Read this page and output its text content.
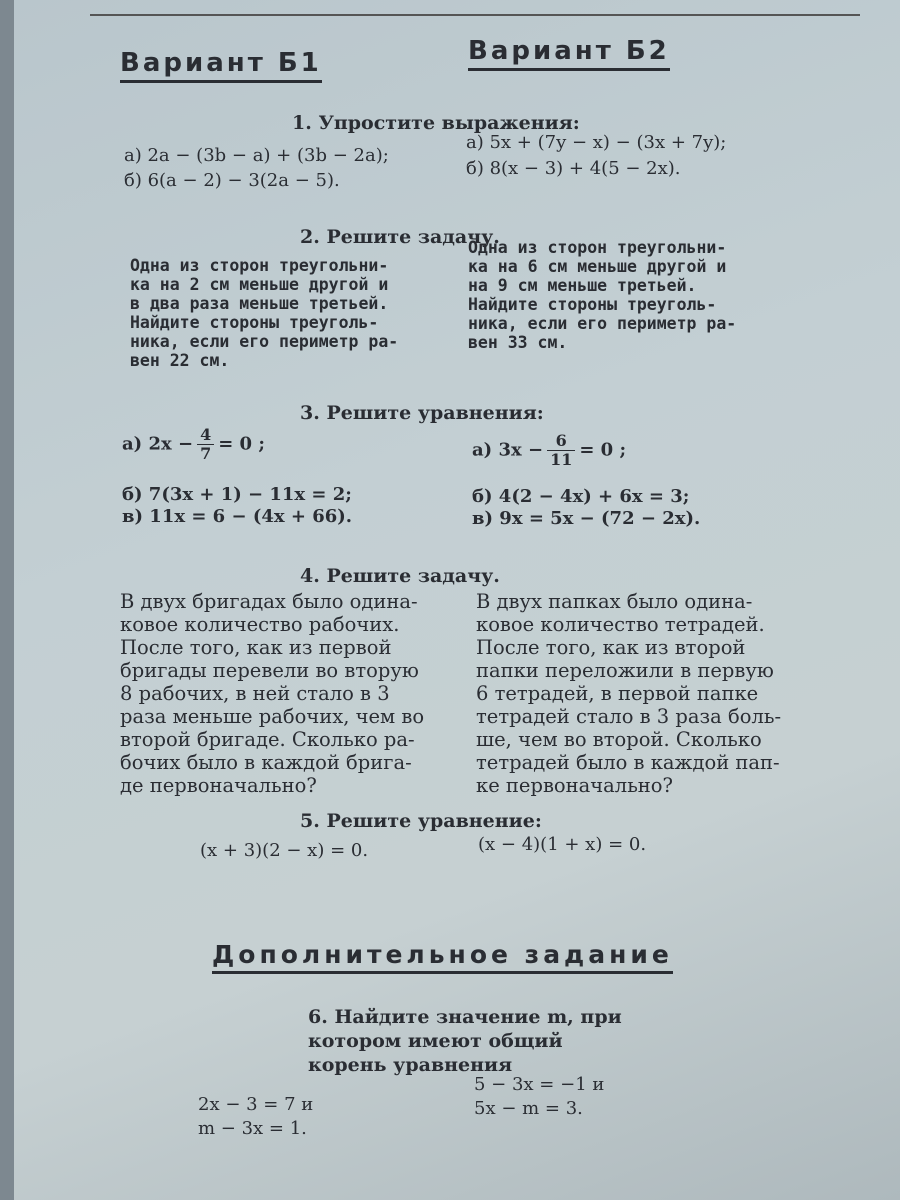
Вариант Б1	Вариант Б2
1. Упростите выражения:
а) 2a − (3b − a) + (3b − 2a);
б) 6(a − 2) − 3(2a − 5).
а) 5x + (7y − x) − (3x + 7y);
б) 8(x − 3) + 4(5 − 2x).
2. Решите задачу.
Одна из сторон треугольни-
ка на 2 см меньше другой и
в два раза меньше третьей.
Найдите стороны треуголь-
ника, если его периметр ра-
вен 22 см.
Одна из сторон треугольни-
ка на 6 см меньше другой и
на 9 см меньше третьей.
Найдите стороны треуголь-
ника, если его периметр ра-
вен 33 см.
3. Решите уравнения:
а) $2x - \frac{4}{7} = 0$ ;
б) 7(3x + 1) − 11x = 2;
в) 11x = 6 − (4x + 66).
а) $3x - \frac{6}{11} = 0$ ;
б) 4(2 − 4x) + 6x = 3;
в) 9x = 5x − (72 − 2x).
4. Решите задачу.
В двух бригадах было одина-
ковое количество рабочих.
После того, как из первой
бригады перевели во вторую
8 рабочих, в ней стало в 3
раза меньше рабочих, чем во
второй бригаде. Сколько ра-
бочих было в каждой брига-
де первоначально?
В двух папках было одина-
ковое количество тетрадей.
После того, как из второй
папки переложили в первую
6 тетрадей, в первой папке
тетрадей стало в 3 раза боль-
ше, чем во второй. Сколько
тетрадей было в каждой пап-
ке первоначально?
5. Решите уравнение:
(x + 3)(2 − x) = 0.	(x − 4)(1 + x) = 0.
Дополнительное задание
6. Найдите значение m, при
котором имеют общий
корень уравнения
2x − 3 = 7 и
m − 3x = 1.
5 − 3x = −1 и
5x − m = 3.
